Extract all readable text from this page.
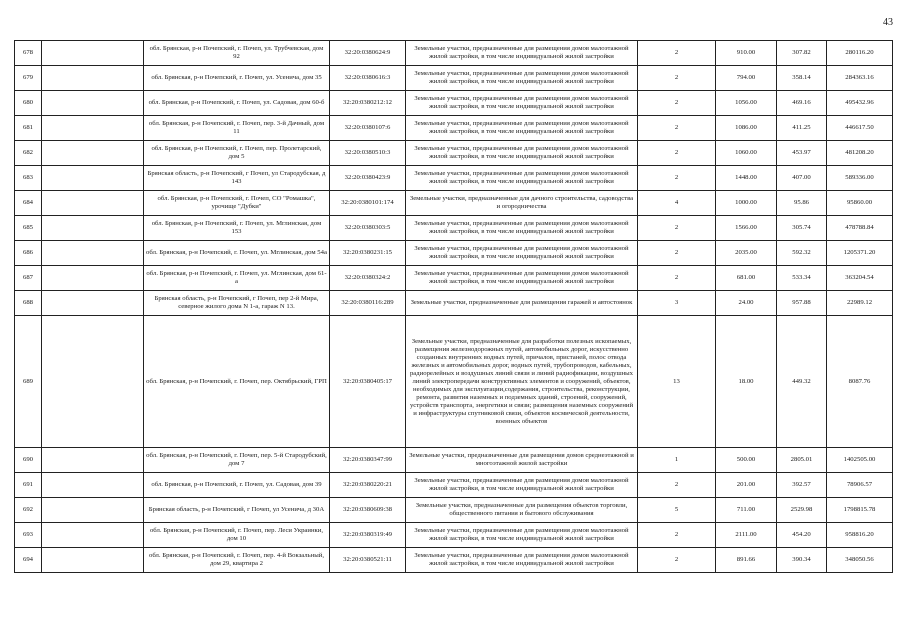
43
678		обл. Брянская, р-н Почепский, г. Почеп, ул. Трубчевская, дом 92	32:20:0380624:9	Земельные участки, предназначенные для размещения домов малоэтажной жилой застройки, в том числе индивидуальной жилой застройки	2	910.00	307.82	280116.20
679		обл. Брянская, р-н Почепский, г. Почеп, ул. Усенича, дом 35	32:20:0380616:3	Земельные участки, предназначенные для размещения домов малоэтажной жилой застройки, в том числе индивидуальной жилой застройки	2	794.00	358.14	284363.16
680		обл. Брянская, р-н Почепский, г. Почеп, ул. Садовая, дом 60-б	32:20:0380212:12	Земельные участки, предназначенные для размещения домов малоэтажной жилой застройки, в том числе индивидуальной жилой застройки	2	1056.00	469.16	495432.96
681		обл. Брянская, р-н Почепский, г. Почеп, пер. 3-й Дачный, дом 11	32:20:0380107:6	Земельные участки, предназначенные для размещения домов малоэтажной жилой застройки, в том числе индивидуальной жилой застройки	2	1086.00	411.25	446617.50
682		обл. Брянская, р-н Почепский, г. Почеп, пер. Пролетарский, дом 5	32:20:0380510:3	Земельные участки, предназначенные для размещения домов малоэтажной жилой застройки, в том числе индивидуальной жилой застройки	2	1060.00	453.97	481208.20
683		Брянская область, р-н Почепский, г Почеп, ул Стародубская, д 143	32:20:0380423:9	Земельные участки, предназначенные для размещения домов малоэтажной жилой застройки, в том числе индивидуальной жилой застройки	2	1448.00	407.00	589336.00
684		обл. Брянская, р-н Почепский, г. Почеп, СО "Ромашка", урочище "Дубки"	32:20:0380101:174	Земельные участки, предназначенные для дачного строительства, садоводства и огородничества	4	1000.00	95.86	95860.00
685		обл. Брянская, р-н Почепский, г. Почеп, ул. Мглинская, дом 153	32:20:0380303:5	Земельные участки, предназначенные для размещения домов малоэтажной жилой застройки, в том числе индивидуальной жилой застройки	2	1566.00	305.74	478788.84
686		обл. Брянская, р-н Почепский, г. Почеп, ул. Мглинская, дом 54а	32:20:0380231:15	Земельные участки, предназначенные для размещения домов малоэтажной жилой застройки, в том числе индивидуальной жилой застройки	2	2035.00	592.32	1205371.20
687		обл. Брянская, р-н Почепский, г. Почеп, ул. Мглинская, дом 61-а	32:20:0380324:2	Земельные участки, предназначенные для размещения домов малоэтажной жилой застройки, в том числе индивидуальной жилой застройки	2	681.00	533.34	363204.54
688		Брянская область, р-н Почепский, г Почеп, пер 2-й Мира, северное жилого дома N 1-а, гараж N 13.	32:20:0380116:289	Земельные участки, предназначенные для размещения гаражей и автостоянок	3	24.00	957.88	22989.12
689		обл. Брянская, р-н Почепский, г. Почеп, пер. Октябрьский, ГРП	32:20:0380405:17	Земельные участки, предназначенные для разработки полезных ископаемых, размещения железнодорожных путей, автомобильных дорог, искусственно созданных внутренних водных путей, причалов, пристаней, полос отвода железных и автомобильных дорог, водных путей, трубопроводов, кабельных, радиорелейных и воздушных линий связи и линий радиофикации, воздушных линий электропередачи конструктивных элементов и сооружений, объектов, необходимых для эксплуатации,содержания, строительства, реконструкции, ремонта, развития наземных и подземных зданий, строений, сооружений, устройств транспорта, энергетики и связи; размещения наземных сооружений и инфраструктуры спутниковой связи, объектов космической деятельности, военных объектов	13	18.00	449.32	8087.76
690		обл. Брянская, р-н Почепский, г. Почеп, пер. 5-й Стародубский, дом 7	32:20:0380347:99	Земельные участки, предназначенные для размещения домов среднеэтажной и многоэтажной жилой застройки	1	500.00	2805.01	1402505.00
691		обл. Брянская, р-н Почепский, г. Почеп, ул. Садовая, дом 39	32:20:0380220:21	Земельные участки, предназначенные для размещения домов малоэтажной жилой застройки, в том числе индивидуальной жилой застройки	2	201.00	392.57	78906.57
692		Брянская область, р-н Почепский, г Почеп, ул Усенича, д 30А	32:20:0380609:38	Земельные участки, предназначенные для размещения объектов торговли, общественного питания и бытового обслуживания	5	711.00	2529.98	1798815.78
693		обл. Брянская, р-н Почепский, г. Почеп, пер. Леси Украинки, дом 10	32:20:0380319:49	Земельные участки, предназначенные для размещения домов малоэтажной жилой застройки, в том числе индивидуальной жилой застройки	2	2111.00	454.20	958816.20
694		обл. Брянская, р-н Почепский, г. Почеп, пер. 4-й Вокзальный, дом 29, квартира 2	32:20:0380521:11	Земельные участки, предназначенные для размещения домов малоэтажной жилой застройки, в том числе индивидуальной жилой застройки	2	891.66	390.34	348050.56
